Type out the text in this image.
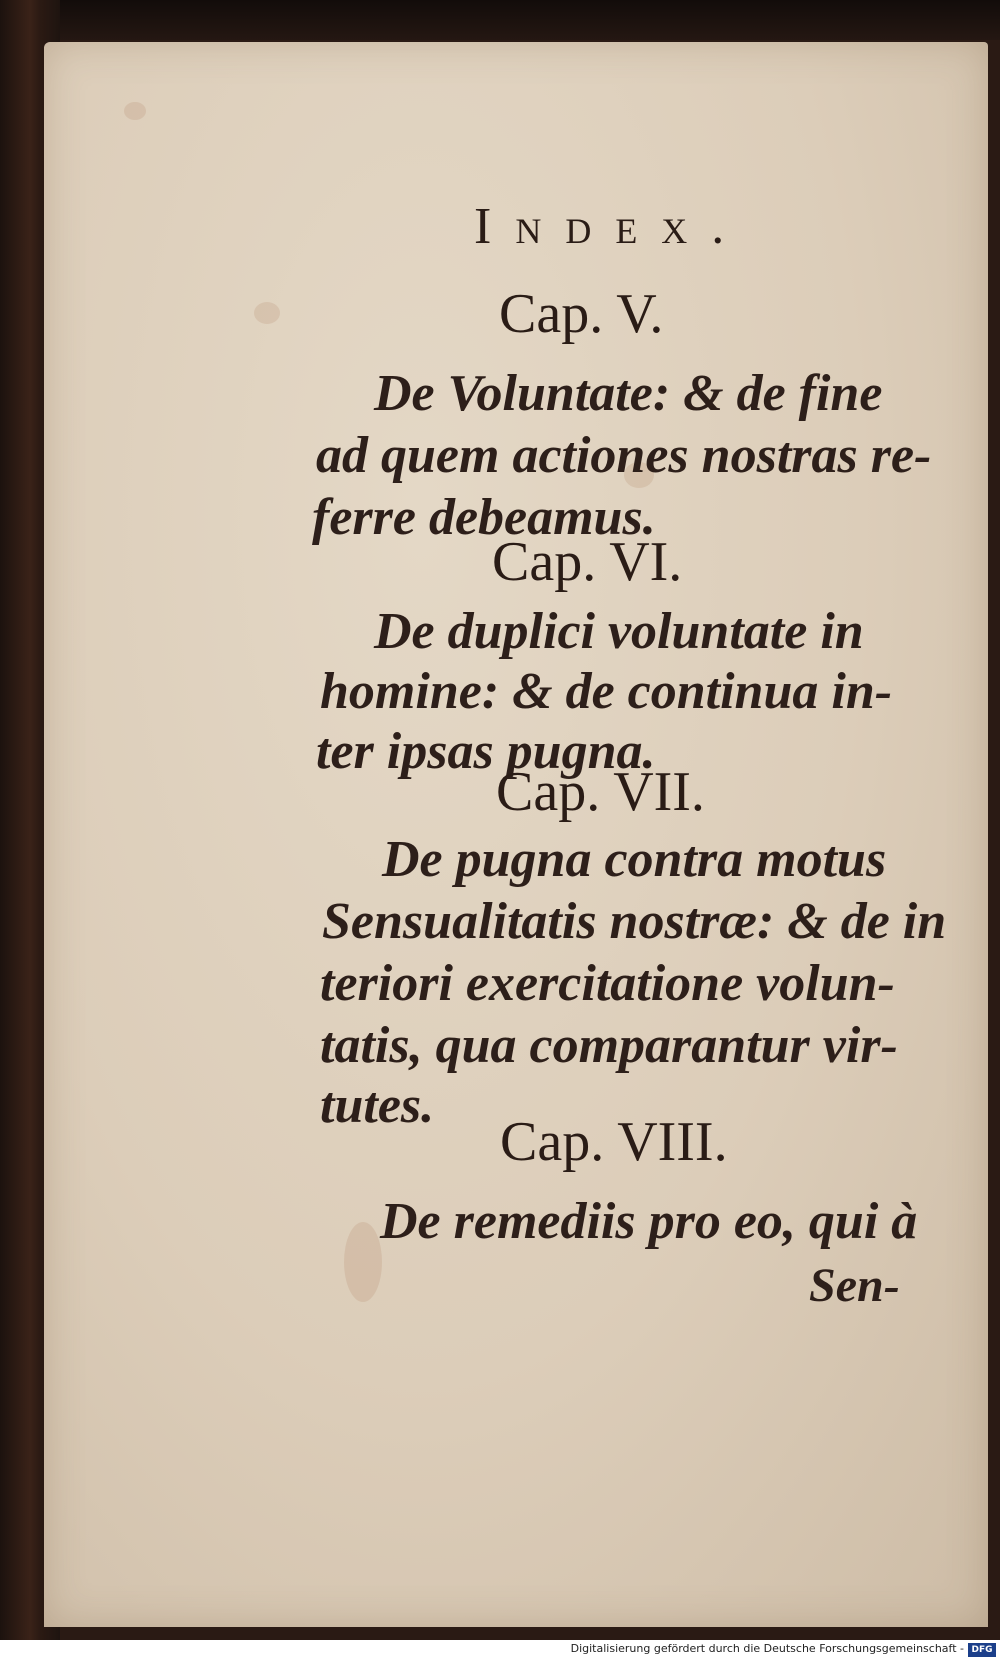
Index.
Cap. V.
De Voluntate: & de fine
ad quem actiones nostras re-
ferre debeamus.
Cap. VI.
De duplici voluntate in
homine: & de continua in-
ter ipsas pugna.
Cap. VII.
De pugna contra motus
Sensualitatis nostræ: & de in
teriori exercitatione volun-
tatis, qua comparantur vir-
tutes.
Cap. VIII.
De remediis pro eo, qui à
Sen-
Digitalisierung gefördert durch die Deutsche Forschungsgemeinschaft - DFG
